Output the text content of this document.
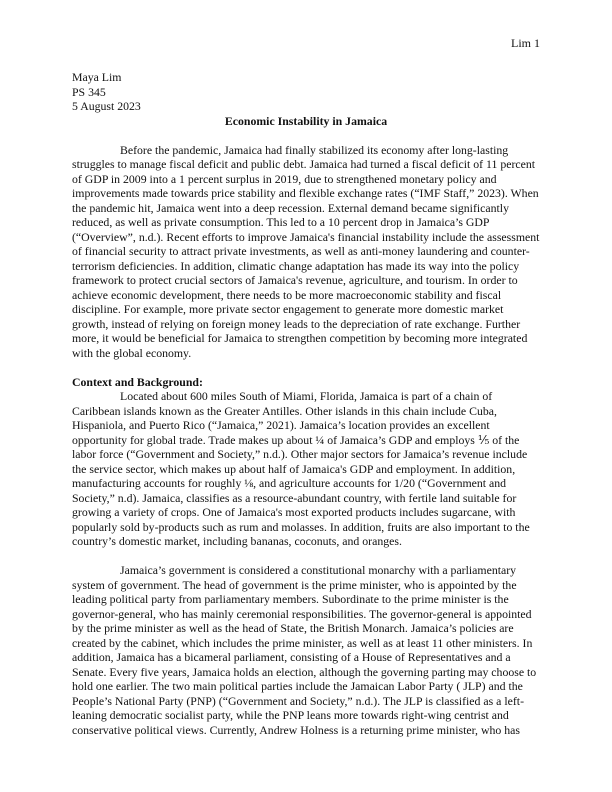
Lim 1
Maya Lim
PS 345
5 August 2023
Economic Instability in Jamaica

Before the pandemic, Jamaica had finally stabilized its economy after long-lasting struggles to manage fiscal deficit and public debt. Jamaica had turned a fiscal deficit of 11 percent of GDP in 2009 into a 1 percent surplus in 2019, due to strengthened monetary policy and improvements made towards price stability and flexible exchange rates (“IMF Staff,” 2023). When the pandemic hit, Jamaica went into a deep recession. External demand became significantly reduced, as well as private consumption. This led to a 10 percent drop in Jamaica’s GDP (“Overview”, n.d.). Recent efforts to improve Jamaica's financial instability include the assessment of financial security to attract private investments, as well as anti-money laundering and counter-terrorism deficiencies. In addition, climatic change adaptation has made its way into the policy framework to protect crucial sectors of Jamaica's revenue, agriculture, and tourism. In order to achieve economic development, there needs to be more macroeconomic stability and fiscal discipline. For example, more private sector engagement to generate more domestic market growth, instead of relying on foreign money leads to the depreciation of rate exchange. Further more, it would be beneficial for Jamaica to strengthen competition by becoming more integrated with the global economy.

Context and Background:

Located about 600 miles South of Miami, Florida, Jamaica is part of a chain of Caribbean islands known as the Greater Antilles. Other islands in this chain include Cuba, Hispaniola, and Puerto Rico (“Jamaica,” 2021). Jamaica’s location provides an excellent opportunity for global trade. Trade makes up about ¼ of Jamaica’s GDP and employs ⅕ of the labor force (“Government and Society,” n.d.). Other major sectors for Jamaica’s revenue include the service sector, which makes up about half of Jamaica's GDP and employment. In addition, manufacturing accounts for roughly ⅛, and agriculture accounts for 1/20 (“Government and Society,” n.d). Jamaica, classifies as a resource-abundant country, with fertile land suitable for growing a variety of crops. One of Jamaica's most exported products includes sugarcane, with popularly sold by-products such as rum and molasses. In addition, fruits are also important to the country’s domestic market, including bananas, coconuts, and oranges.

Jamaica’s government is considered a constitutional monarchy with a parliamentary system of government. The head of government is the prime minister, who is appointed by the leading political party from parliamentary members. Subordinate to the prime minister is the governor-general, who has mainly ceremonial responsibilities. The governor-general is appointed by the prime minister as well as the head of State, the British Monarch. Jamaica’s policies are created by the cabinet, which includes the prime minister, as well as at least 11 other ministers. In addition, Jamaica has a bicameral parliament, consisting of a House of Representatives and a Senate. Every five years, Jamaica holds an election, although the governing parting may choose to hold one earlier. The two main political parties include the Jamaican Labor Party ( JLP) and the People’s National Party (PNP) (“Government and Society,” n.d.). The JLP is classified as a left-leaning democratic socialist party, while the PNP leans more towards right-wing centrist and conservative political views. Currently, Andrew Holness is a returning prime minister, who has
